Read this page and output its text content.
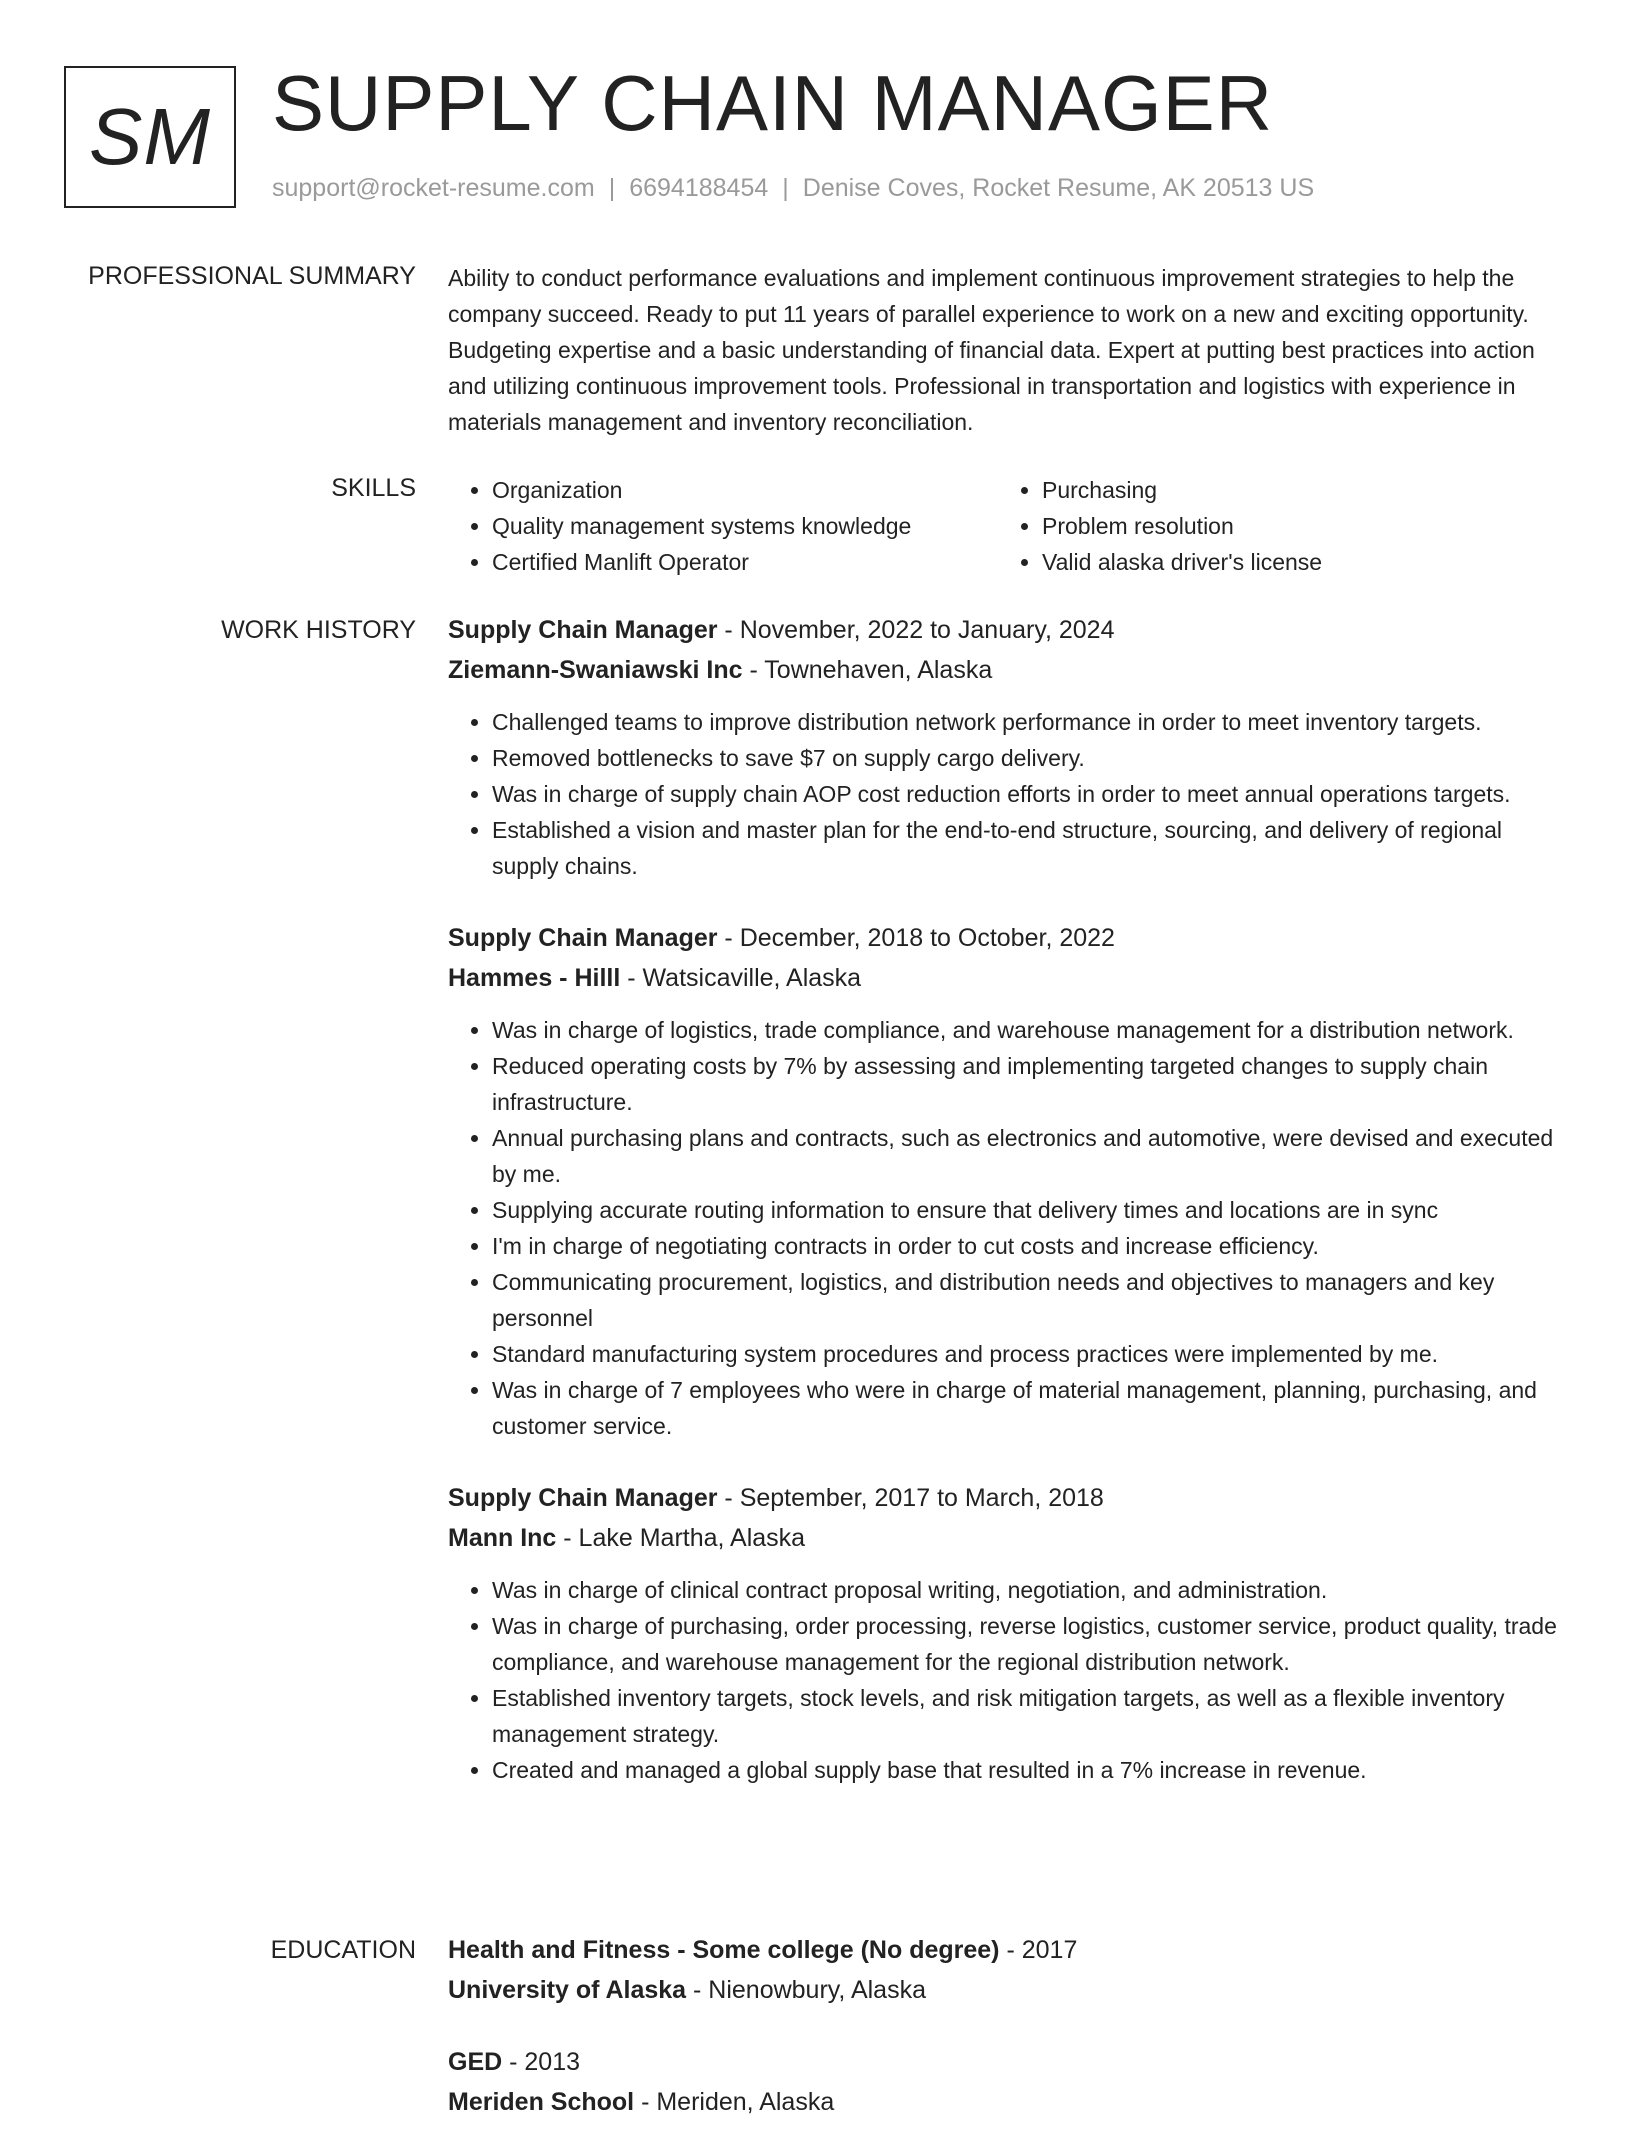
SM SUPPLY CHAIN MANAGER
support@rocket-resume.com | 6694188454 | Denise Coves, Rocket Resume, AK 20513 US
PROFESSIONAL SUMMARY Ability to conduct performance evaluations and implement continuous improvement strategies to help the company succeed. Ready to put 11 years of parallel experience to work on a new and exciting opportunity. Budgeting expertise and a basic understanding of financial data. Expert at putting best practices into action and utilizing continuous improvement tools. Professional in transportation and logistics with experience in materials management and inventory reconciliation.
SKILLS
•	Organization
• Quality management systems knowledge
• Certified Manlift Operator
• Purchasing
• Problem resolution
• Valid alaska driver's license
WORK HISTORY Supply Chain Manager - November, 2022 to January, 2024
Ziemann-Swaniawski Inc - Townehaven, Alaska
• Challenged teams to improve distribution network performance in order to meet inventory targets.
• Removed bottlenecks to save $7 on supply cargo delivery.
• Was in charge of supply chain AOP cost reduction efforts in order to meet annual operations targets.
• Established a vision and master plan for the end-to-end structure, sourcing, and delivery of regional supply chains.
Supply Chain Manager - December, 2018 to October, 2022
Hammes - Hilll - Watsicaville, Alaska
• Was in charge of logistics, trade compliance, and warehouse management for a distribution network.
• Reduced operating costs by 7% by assessing and implementing targeted changes to supply chain infrastructure.
• Annual purchasing plans and contracts, such as electronics and automotive, were devised and executed by me.
• Supplying accurate routing information to ensure that delivery times and locations are in sync
• I'm in charge of negotiating contracts in order to cut costs and increase efficiency.
• Communicating procurement, logistics, and distribution needs and objectives to managers and key personnel
• Standard manufacturing system procedures and process practices were implemented by me.
• Was in charge of 7 employees who were in charge of material management, planning, purchasing, and customer service.
Supply Chain Manager - September, 2017 to March, 2018
Mann Inc - Lake Martha, Alaska
• Was in charge of clinical contract proposal writing, negotiation, and administration.
• Was in charge of purchasing, order processing, reverse logistics, customer service, product quality, trade compliance, and warehouse management for the regional distribution network.
• Established inventory targets, stock levels, and risk mitigation targets, as well as a flexible inventory management strategy.
• Created and managed a global supply base that resulted in a 7% increase in revenue.
EDUCATION Health and Fitness - Some college (No degree) - 2017
University of Alaska - Nienowbury, Alaska
GED - 2013
Meriden School - Meriden, Alaska
